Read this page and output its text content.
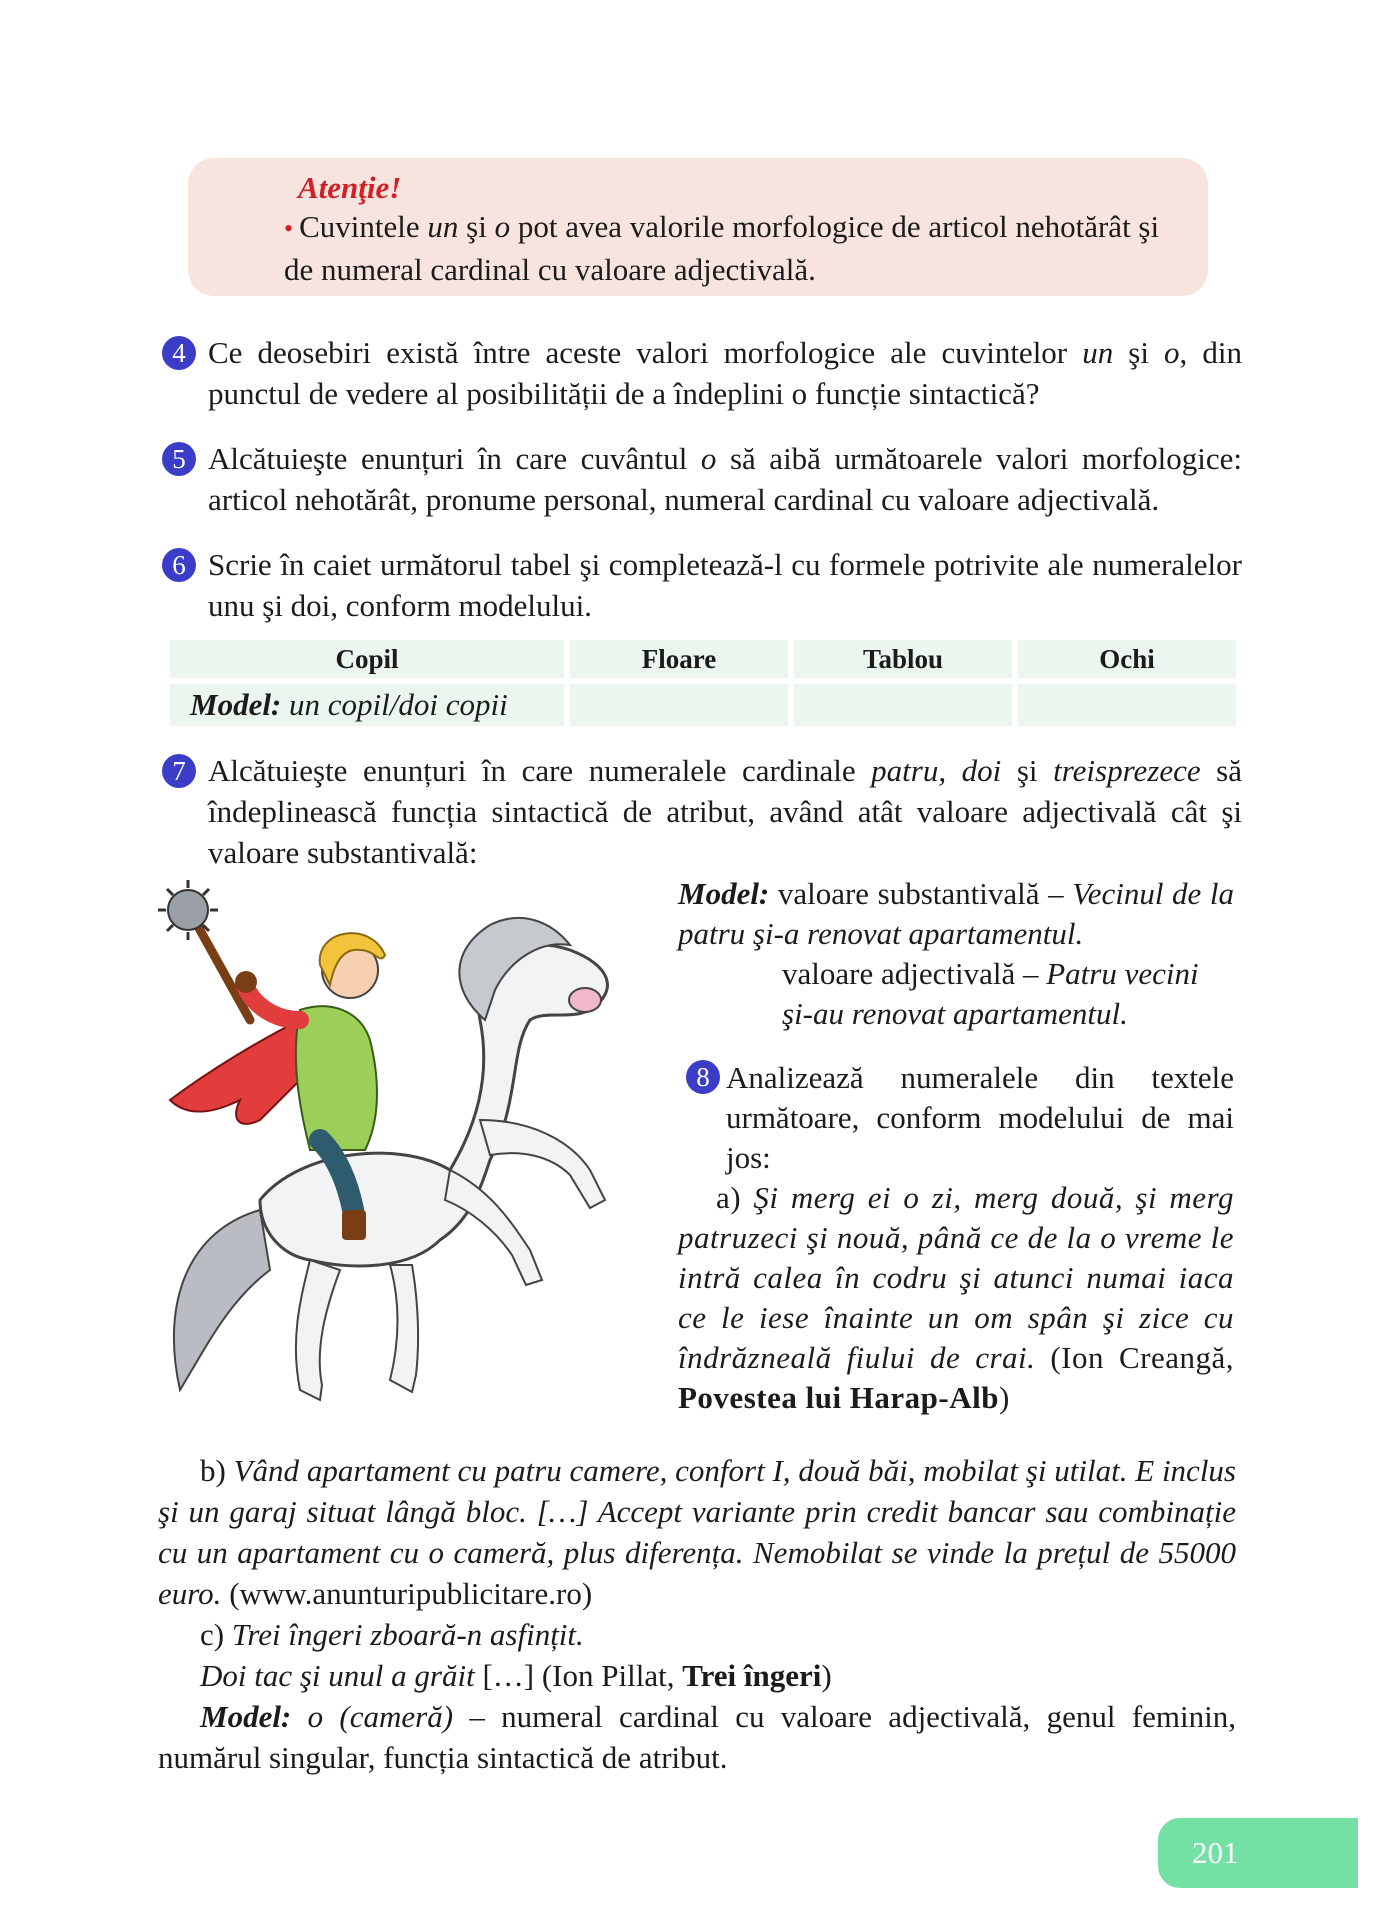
Atenţie!
• Cuvintele un şi o pot avea valorile morfologice de articol nehotărât şi de numeral cardinal cu valoare adjectivală.
4 Ce deosebiri există între aceste valori morfologice ale cuvintelor un şi o, din punctul de vedere al posibilității de a îndeplini o funcție sintactică?
5 Alcătuieşte enunțuri în care cuvântul o să aibă următoarele valori morfologice: articol nehotărât, pronume personal, numeral cardinal cu valoare adjectivală.
6 Scrie în caiet următorul tabel şi completează-l cu formele potrivite ale numeralelor unu şi doi, conform modelului.
Copil	Floare	Tablou	Ochi
Model: un copil/doi copii			
7 Alcătuieşte enunțuri în care numeralele cardinale patru, doi şi treisprezece să îndeplinească funcția sintactică de atribut, având atât valoare adjectivală cât şi valoare substantivală:
Model: valoare substantivală – Vecinul de la patru şi-a renovat apartamentul.
valoare adjectivală – Patru vecini şi-au renovat apartamentul.
8 Analizează numeralele din textele următoare, conform modelului de mai jos:
a) Şi merg ei o zi, merg două, şi merg patruzeci şi nouă, până ce de la o vreme le intră calea în codru şi atunci numai iaca ce le iese înainte un om spân şi zice cu îndrăzneală fiului de crai. (Ion Creangă, Povestea lui Harap-Alb)
b) Vând apartament cu patru camere, confort I, două băi, mobilat şi utilat. E inclus şi un garaj situat lângă bloc. […] Accept variante prin credit bancar sau combinație cu un apartament cu o cameră, plus diferența. Nemobilat se vinde la prețul de 55000 euro. (www.anunturipublicitare.ro)
c) Trei îngeri zboară-n asfințit.
Doi tac şi unul a grăit […] (Ion Pillat, Trei îngeri)
Model: o (cameră) – numeral cardinal cu valoare adjectivală, genul feminin, numărul singular, funcția sintactică de atribut.
201
